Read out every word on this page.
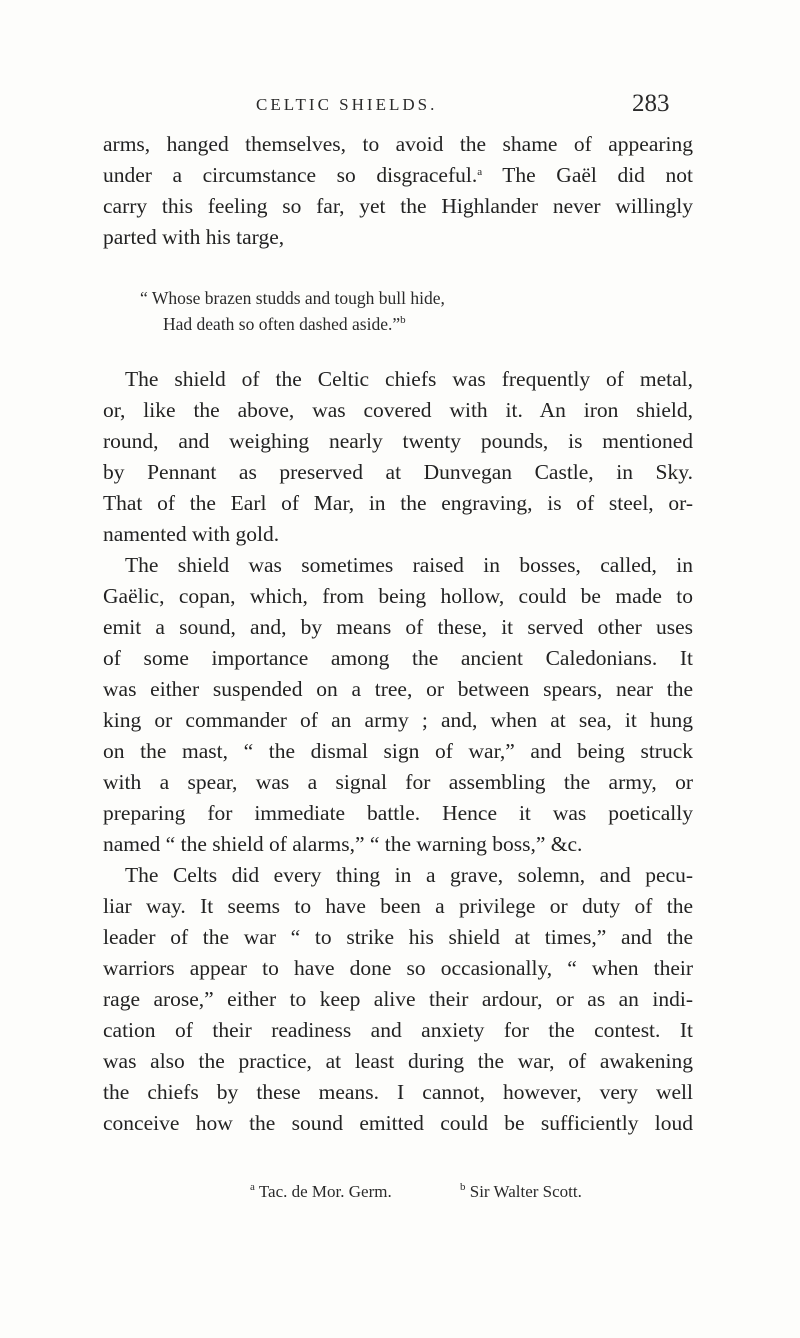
CELTIC SHIELDS.	283
arms, hanged themselves, to avoid the shame of appearing
under a circumstance so disgraceful.$^a$ The Gaël did not
carry this feeling so far, yet the Highlander never willingly
parted with his targe,
“ Whose brazen studds and tough bull hide,
Had death so often dashed aside.”$^b$
The shield of the Celtic chiefs was frequently of metal,
or, like the above, was covered with it. An iron shield,
round, and weighing nearly twenty pounds, is mentioned
by Pennant as preserved at Dunvegan Castle, in Sky.
That of the Earl of Mar, in the engraving, is of steel, or-
namented with gold.
The shield was sometimes raised in bosses, called, in
Gaëlic, copan, which, from being hollow, could be made to
emit a sound, and, by means of these, it served other uses
of some importance among the ancient Caledonians. It
was either suspended on a tree, or between spears, near the
king or commander of an army ; and, when at sea, it hung
on the mast, “ the dismal sign of war,” and being struck
with a spear, was a signal for assembling the army, or
preparing for immediate battle. Hence it was poetically
named “ the shield of alarms,” “ the warning boss,” &c.
The Celts did every thing in a grave, solemn, and pecu-
liar way. It seems to have been a privilege or duty of the
leader of the war “ to strike his shield at times,” and the
warriors appear to have done so occasionally, “ when their
rage arose,” either to keep alive their ardour, or as an indi-
cation of their readiness and anxiety for the contest. It
was also the practice, at least during the war, of awakening
the chiefs by these means. I cannot, however, very well
conceive how the sound emitted could be sufficiently loud
$^a$ Tac. de Mor. Germ.	$^b$ Sir Walter Scott.
